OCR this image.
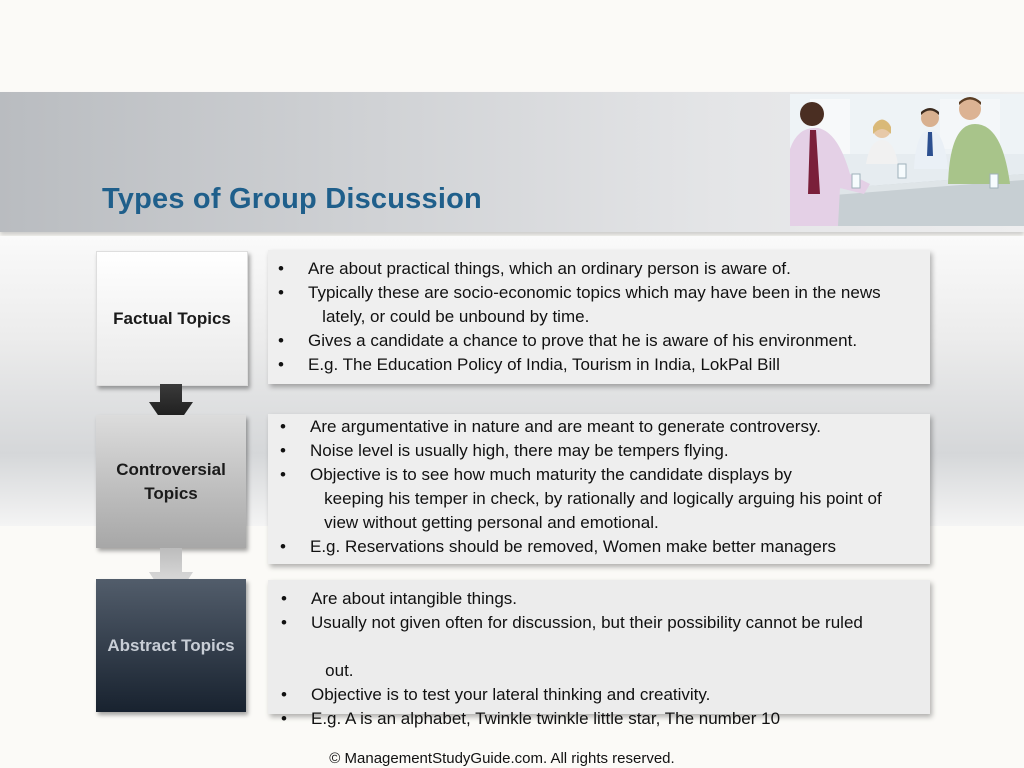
Types of Group Discussion
Factual Topics
Controversial Topics
Abstract Topics
• Are about practical things, which an ordinary person is aware of.
• Typically these are socio-economic topics which may have been in the news
lately, or could be unbound by time.
• Gives a candidate a chance to prove that he is aware of his environment.
• E.g. The Education Policy of India, Tourism in India, LokPal Bill
• Are argumentative in nature and are meant to generate controversy.
• Noise level is usually high, there may be tempers flying.
• Objective is to see how much maturity the candidate displays by
keeping his temper in check, by rationally and logically arguing his point of
view without getting personal and emotional.
• E.g. Reservations should be removed, Women make better managers
• Are about intangible things.
• Usually not given often for discussion, but their possibility cannot be ruled

out.
• Objective is to test your lateral thinking and creativity.
• E.g. A is an alphabet, Twinkle twinkle little star, The number 10
© ManagementStudyGuide.com. All rights reserved.
